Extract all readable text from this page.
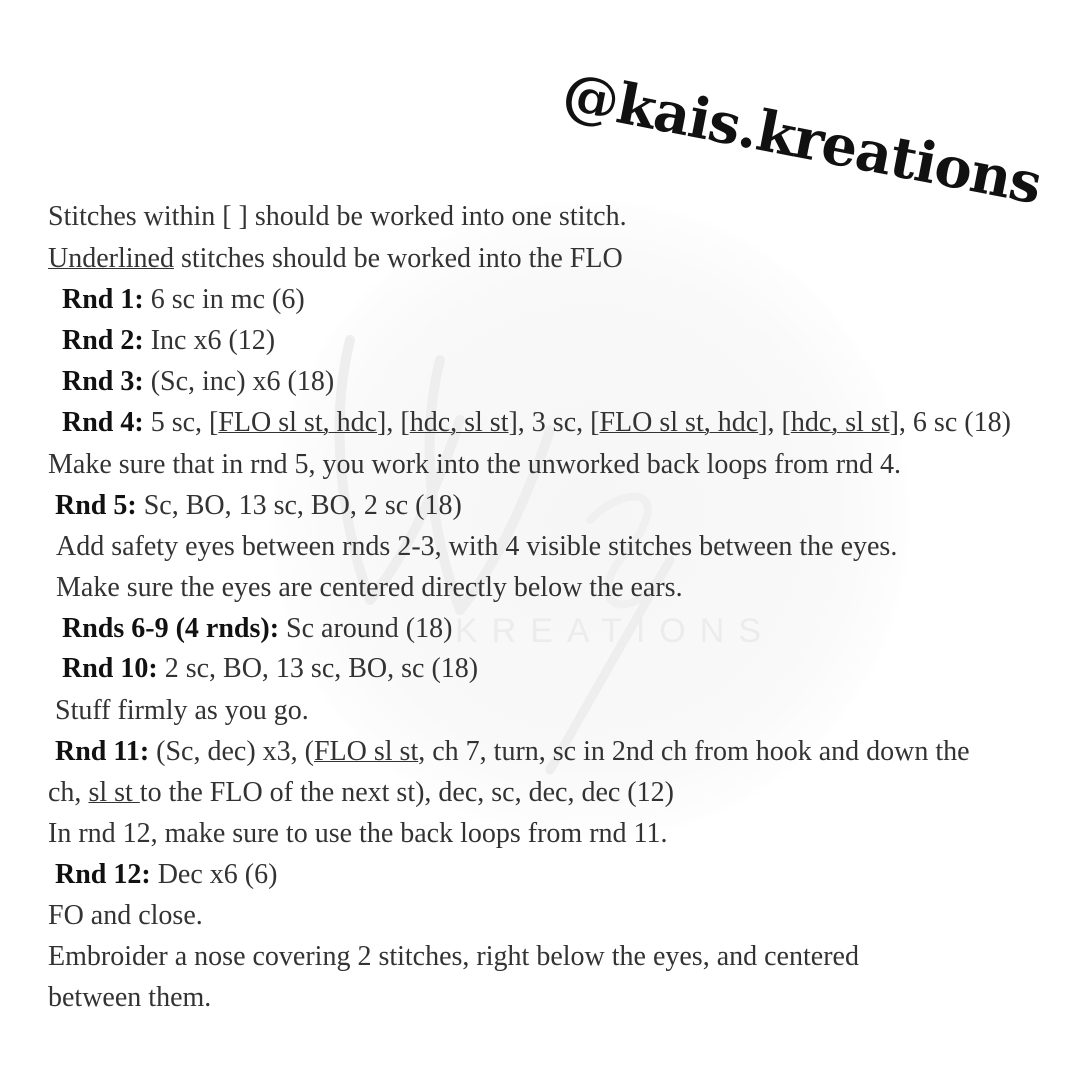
KREATIONS
@kais.kreations
Stitches within [ ] should be worked into one stitch.
Underlined stitches should be worked into the FLO
Rnd 1: 6 sc in mc (6)
Rnd 2: Inc x6 (12)
Rnd 3: (Sc, inc) x6 (18)
Rnd 4: 5 sc, [FLO sl st, hdc], [hdc, sl st], 3 sc, [FLO sl st, hdc], [hdc, sl st], 6 sc (18)
Make sure that in rnd 5, you work into the unworked back loops from rnd 4.
Rnd 5: Sc, BO, 13 sc, BO, 2 sc (18)
Add safety eyes between rnds 2-3, with 4 visible stitches between the eyes.
Make sure the eyes are centered directly below the ears.
Rnds 6-9 (4 rnds): Sc around (18)
Rnd 10: 2 sc, BO, 13 sc, BO, sc (18)
Stuff firmly as you go.
Rnd 11: (Sc, dec) x3, (FLO sl st, ch 7, turn, sc in 2nd ch from hook and down the
ch, sl st to the FLO of the next st), dec, sc, dec, dec (12)
In rnd 12, make sure to use the back loops from rnd 11.
Rnd 12: Dec x6 (6)
FO and close.
Embroider a nose covering 2 stitches, right below the eyes, and centered
between them.
